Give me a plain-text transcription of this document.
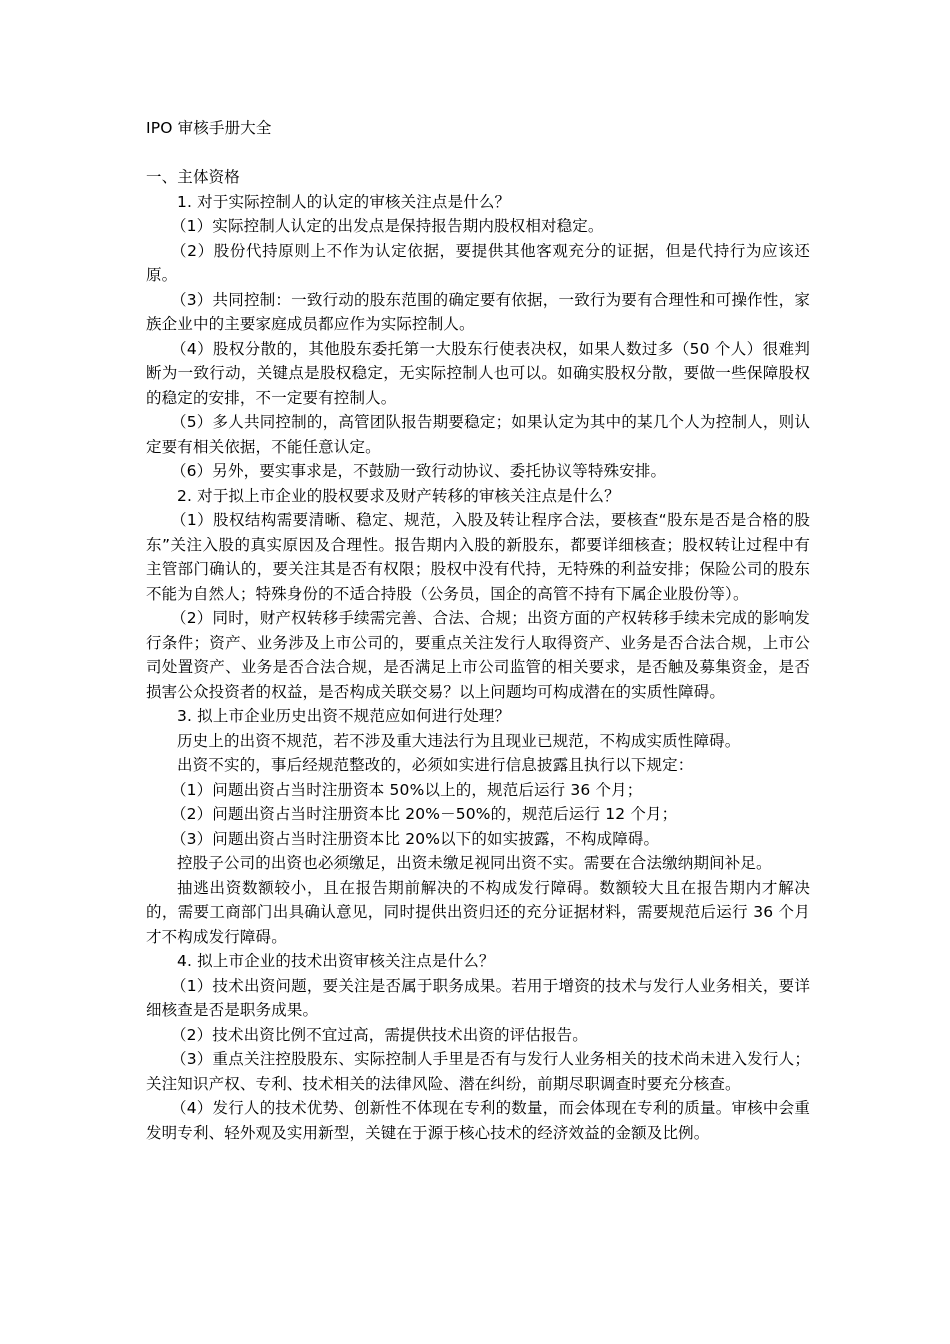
IPO 审核手册大全

一、主体资格

1. 对于实际控制人的认定的审核关注点是什么？

（1）实际控制人认定的出发点是保持报告期内股权相对稳定。

（2）股份代持原则上不作为认定依据，要提供其他客观充分的证据，但是代持行为应该还原。

（3）共同控制：一致行动的股东范围的确定要有依据，一致行为要有合理性和可操作性，家族企业中的主要家庭成员都应作为实际控制人。

（4）股权分散的，其他股东委托第一大股东行使表决权，如果人数过多（50 个人）很难判断为一致行动，关键点是股权稳定，无实际控制人也可以。如确实股权分散，要做一些保障股权的稳定的安排，不一定要有控制人。

（5）多人共同控制的，高管团队报告期要稳定；如果认定为其中的某几个人为控制人，则认定要有相关依据，不能任意认定。

（6）另外，要实事求是，不鼓励一致行动协议、委托协议等特殊安排。

2. 对于拟上市企业的股权要求及财产转移的审核关注点是什么？

（1）股权结构需要清晰、稳定、规范，入股及转让程序合法，要核查“股东是否是合格的股东”关注入股的真实原因及合理性。报告期内入股的新股东，都要详细核查；股权转让过程中有主管部门确认的，要关注其是否有权限；股权中没有代持，无特殊的利益安排；保险公司的股东不能为自然人；特殊身份的不适合持股（公务员，国企的高管不持有下属企业股份等）。

（2）同时，财产权转移手续需完善、合法、合规；出资方面的产权转移手续未完成的影响发行条件；资产、业务涉及上市公司的，要重点关注发行人取得资产、业务是否合法合规，上市公司处置资产、业务是否合法合规，是否满足上市公司监管的相关要求，是否触及募集资金，是否损害公众投资者的权益，是否构成关联交易？以上问题均可构成潜在的实质性障碍。

3. 拟上市企业历史出资不规范应如何进行处理？

历史上的出资不规范，若不涉及重大违法行为且现业已规范，不构成实质性障碍。

出资不实的，事后经规范整改的，必须如实进行信息披露且执行以下规定：

（1）问题出资占当时注册资本 50%以上的，规范后运行 36 个月；

（2）问题出资占当时注册资本比 20%－50%的，规范后运行 12 个月；

（3）问题出资占当时注册资本比 20%以下的如实披露，不构成障碍。

控股子公司的出资也必须缴足，出资未缴足视同出资不实。需要在合法缴纳期间补足。

抽逃出资数额较小，且在报告期前解决的不构成发行障碍。数额较大且在报告期内才解决的，需要工商部门出具确认意见，同时提供出资归还的充分证据材料，需要规范后运行 36 个月才不构成发行障碍。

4. 拟上市企业的技术出资审核关注点是什么？

（1）技术出资问题，要关注是否属于职务成果。若用于增资的技术与发行人业务相关，要详细核查是否是职务成果。

（2）技术出资比例不宜过高，需提供技术出资的评估报告。

（3）重点关注控股股东、实际控制人手里是否有与发行人业务相关的技术尚未进入发行人；关注知识产权、专利、技术相关的法律风险、潜在纠纷，前期尽职调查时要充分核查。

（4）发行人的技术优势、创新性不体现在专利的数量，而会体现在专利的质量。审核中会重发明专利、轻外观及实用新型，关键在于源于核心技术的经济效益的金额及比例。
